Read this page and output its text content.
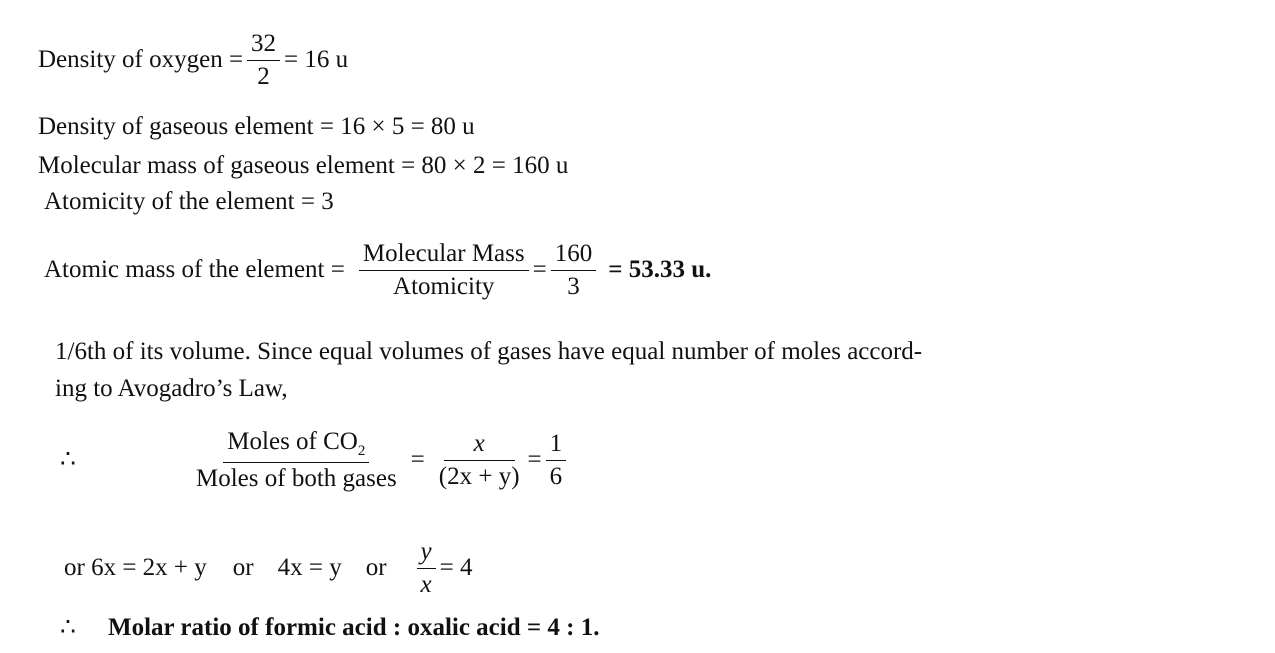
Density of oxygen = $\frac{32}{2} = 16$ u
Density of gaseous element = 16 × 5 = 80 u
Molecular mass of gaseous element = 80 × 2 = 160 u
Atomicity of the element = 3
Atomic mass of the element = $\frac{\text{Molecular Mass}}{\text{Atomicity}} = \frac{160}{3} = 53.33$ u.
1/6th of its volume. Since equal volumes of gases have equal number of moles accord-
ing to Avogadro’s Law,
∴	$\frac{Moles of CO_2}{\text{Moles of both gases}} = \frac{x}{(2x + y)} = \frac{1}{6}$
or 6x = 2x + y or 4x = y or $\frac{y}{x} = 4$
∴	Molar ratio of formic acid : oxalic acid = 4 : 1.
